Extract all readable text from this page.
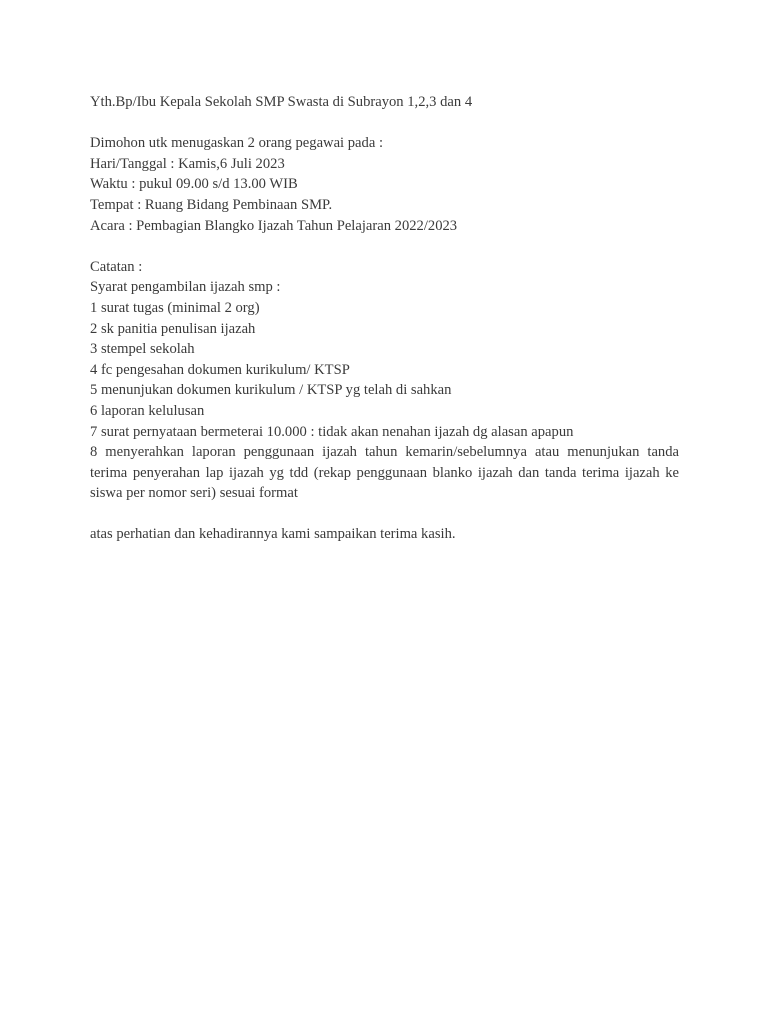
Yth.Bp/Ibu Kepala Sekolah SMP Swasta di Subrayon 1,2,3 dan 4
Dimohon utk menugaskan 2 orang pegawai pada :
Hari/Tanggal : Kamis,6 Juli 2023
Waktu : pukul 09.00 s/d 13.00 WIB
Tempat : Ruang Bidang Pembinaan SMP.
Acara : Pembagian Blangko Ijazah Tahun Pelajaran 2022/2023
Catatan :
Syarat pengambilan ijazah smp :
1 surat tugas (minimal 2 org)
2 sk panitia penulisan ijazah
3 stempel sekolah
4 fc pengesahan dokumen kurikulum/ KTSP
5 menunjukan dokumen kurikulum / KTSP yg telah di sahkan
6 laporan kelulusan
7 surat pernyataan bermeterai 10.000 : tidak akan nenahan ijazah dg alasan apapun
8 menyerahkan laporan penggunaan ijazah tahun kemarin/sebelumnya atau menunjukan tanda terima penyerahan lap ijazah yg tdd (rekap penggunaan blanko ijazah dan tanda terima ijazah ke siswa per nomor seri) sesuai format
atas perhatian dan kehadirannya kami sampaikan terima kasih.
